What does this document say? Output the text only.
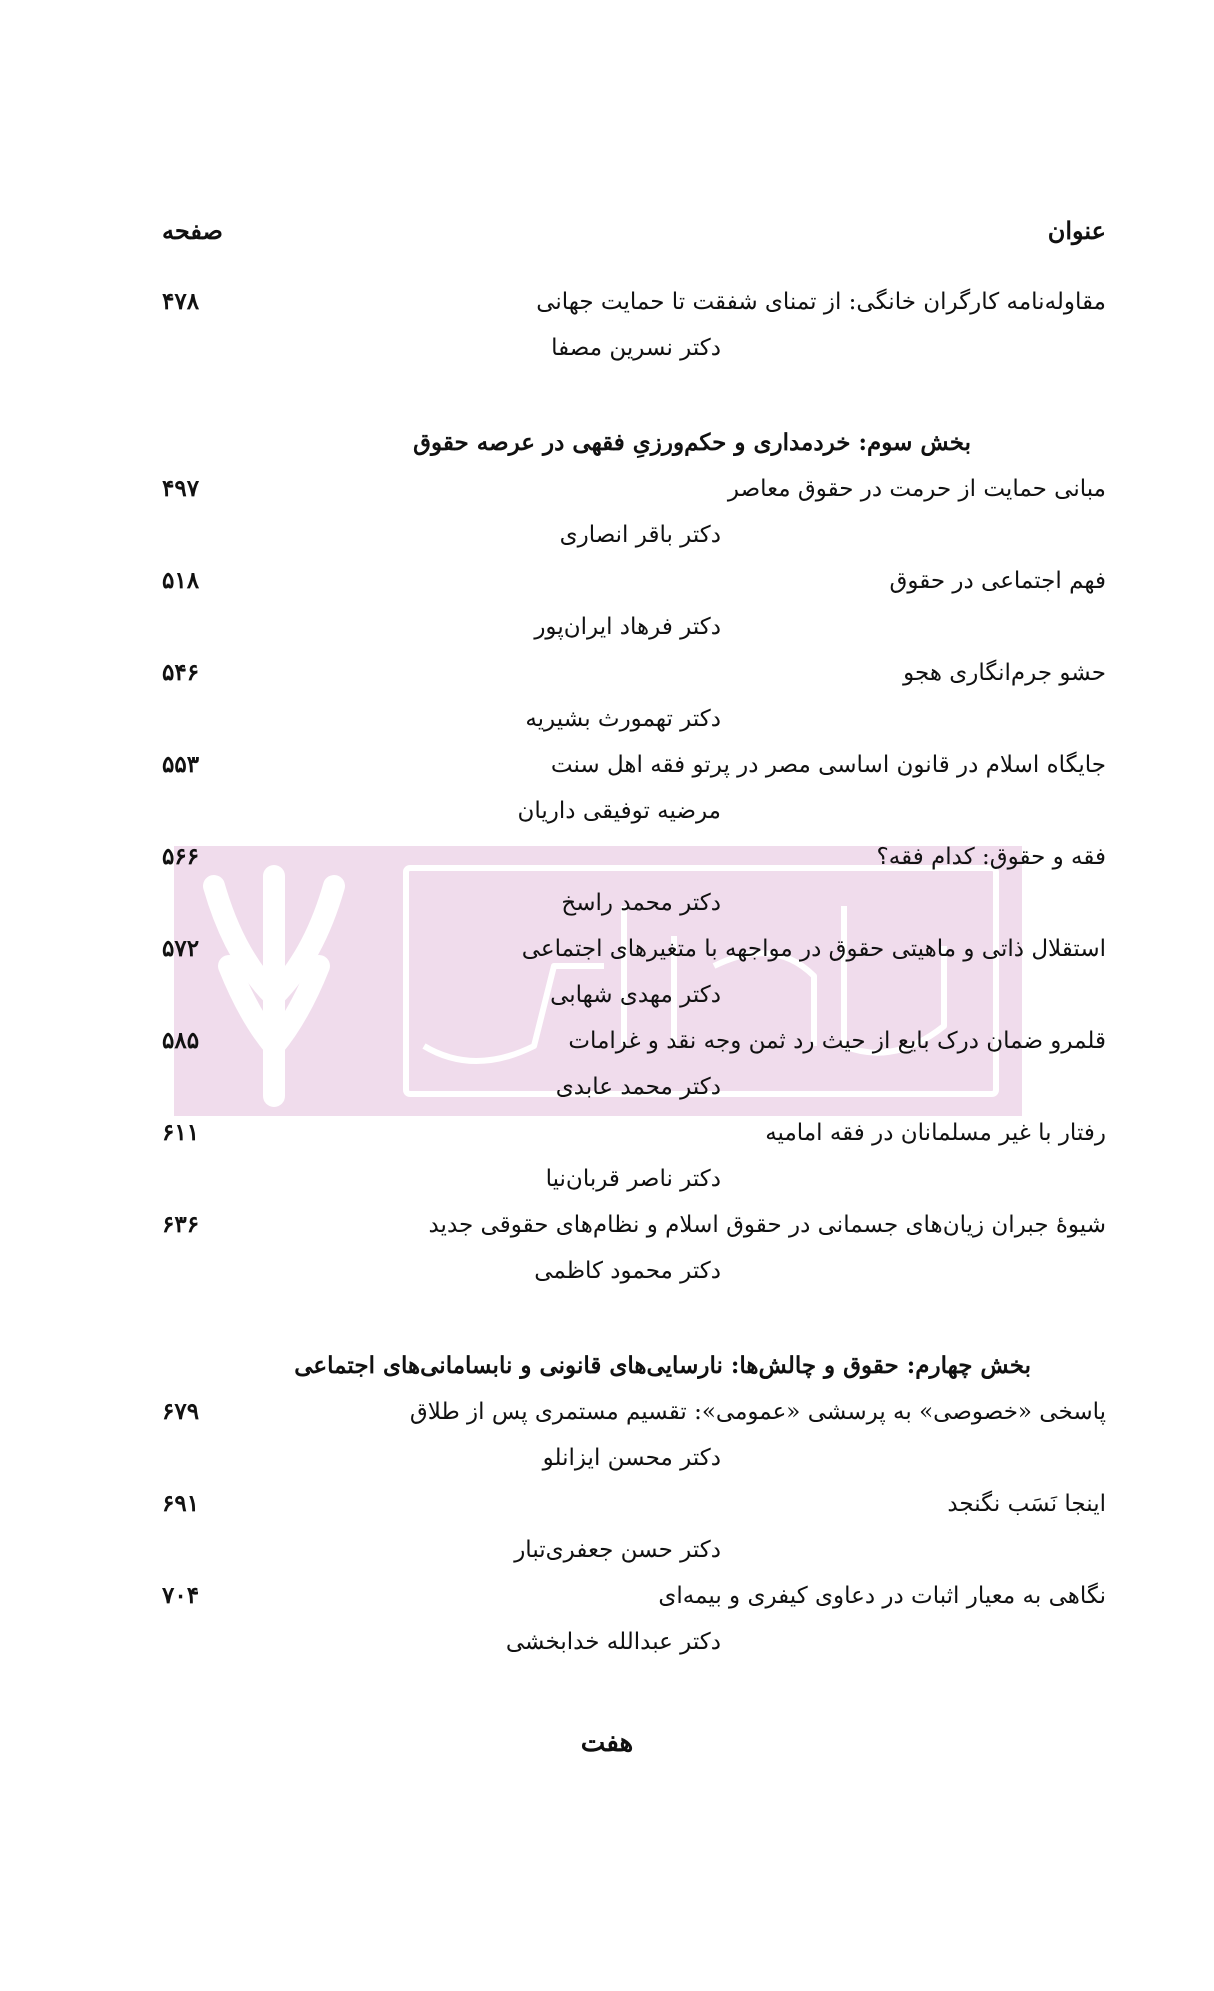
عنوان
صفحه
مقاوله‌نامه کارگران خانگی: از تمنای شفقت تا حمایت جهانی
۴۷۸
دکتر نسرین مصفا
بخش سوم: خردمداری و حکم‌ورزیِ فقهی در عرصه حقوق
مبانی حمایت از حرمت در حقوق معاصر
۴۹۷
دکتر باقر انصاری
فهم اجتماعی در حقوق
۵۱۸
دکتر فرهاد ایران‌پور
حشو جرم‌انگاری هجو
۵۴۶
دکتر تهمورث بشیریه
جایگاه اسلام در قانون اساسی مصر در پرتو فقه اهل سنت
۵۵۳
مرضیه توفیقی داریان
فقه و حقوق: کدام فقه؟
۵۶۶
دکتر محمد راسخ
استقلال ذاتی و ماهیتی حقوق در مواجهه با متغیرهای اجتماعی
۵۷۲
دکتر مهدی شهابی
قلمرو ضمان درک بایع از حیث رد ثمن وجه نقد و غرامات
۵۸۵
دکتر محمد عابدی
رفتار با غیر مسلمانان در فقه امامیه
۶۱۱
دکتر ناصر قربان‌نیا
شیوهٔ جبران زیان‌های جسمانی در حقوق اسلام و نظام‌های حقوقی جدید
۶۳۶
دکتر محمود کاظمی
بخش چهارم: حقوق و چالش‌ها: نارسایی‌های قانونی و نابسامانی‌های اجتماعی
پاسخی «خصوصی» به پرسشی «عمومی»: تقسیم مستمری پس از طلاق
۶۷۹
دکتر محسن ایزانلو
اینجا نَسَب نگنجد
۶۹۱
دکتر حسن جعفری‌تبار
نگاهی به معیار اثبات در دعاوی کیفری و بیمه‌ای
۷۰۴
دکتر عبدالله خدابخشی
هفت
